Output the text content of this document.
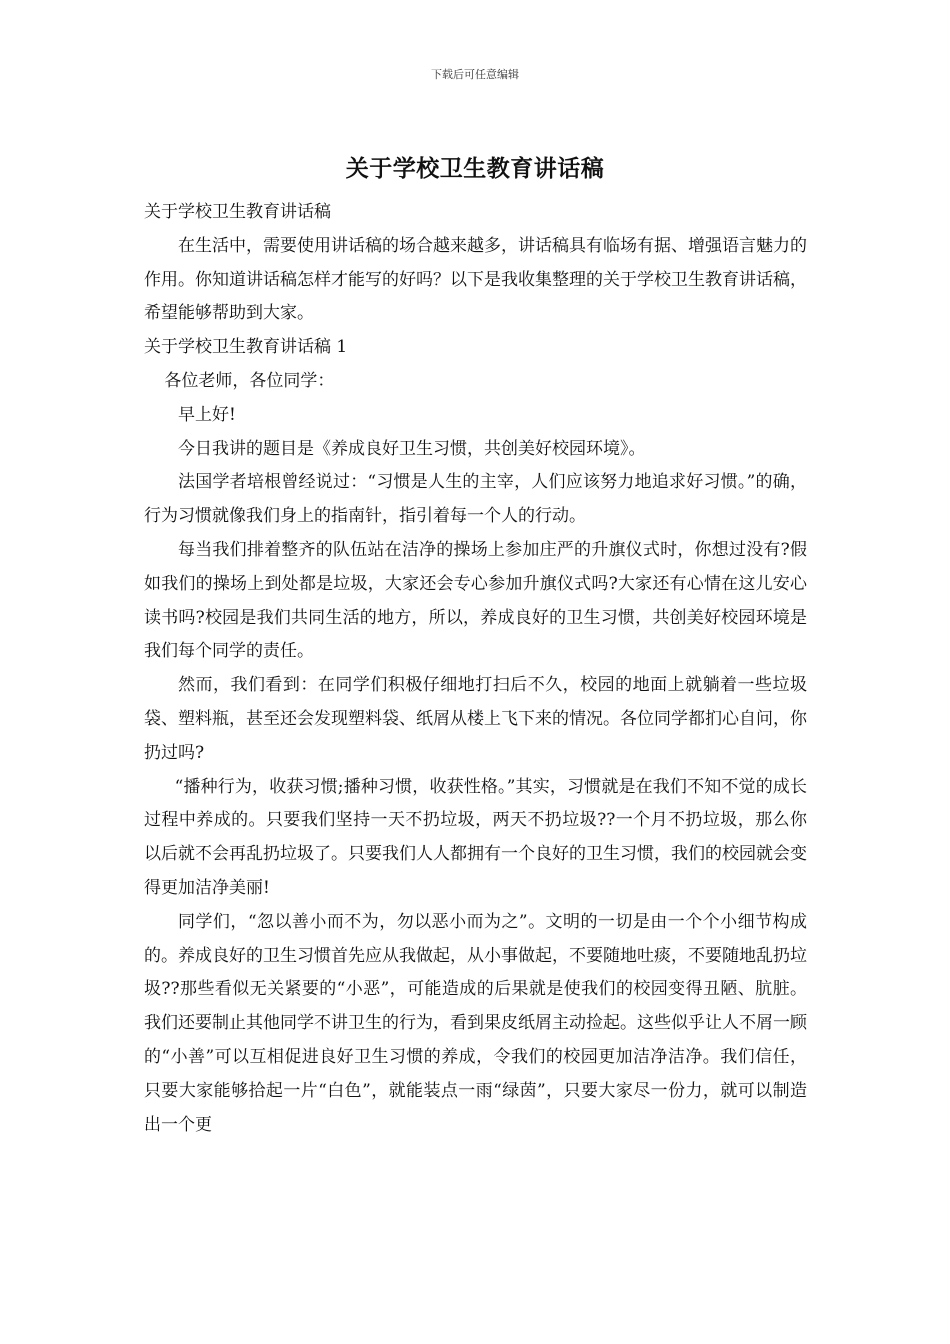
下载后可任意编辑
关于学校卫生教育讲话稿

关于学校卫生教育讲话稿

在生活中，需要使用讲话稿的场合越来越多，讲话稿具有临场有据、增强语言魅力的作用。你知道讲话稿怎样才能写的好吗？以下是我收集整理的关于学校卫生教育讲话稿，希望能够帮助到大家。

关于学校卫生教育讲话稿 1

各位老师，各位同学：

早上好!

今日我讲的题目是《养成良好卫生习惯，共创美好校园环境》。

法国学者培根曾经说过：“习惯是人生的主宰，人们应该努力地追求好习惯。”的确，行为习惯就像我们身上的指南针，指引着每一个人的行动。

每当我们排着整齐的队伍站在洁净的操场上参加庄严的升旗仪式时，你想过没有?假如我们的操场上到处都是垃圾，大家还会专心参加升旗仪式吗?大家还有心情在这儿安心读书吗?校园是我们共同生活的地方，所以，养成良好的卫生习惯，共创美好校园环境是我们每个同学的责任。

然而，我们看到：在同学们积极仔细地打扫后不久，校园的地面上就躺着一些垃圾袋、塑料瓶，甚至还会发现塑料袋、纸屑从楼上飞下来的情况。各位同学都扪心自问，你扔过吗?

“播种行为，收获习惯;播种习惯，收获性格。”其实，习惯就是在我们不知不觉的成长过程中养成的。只要我们坚持一天不扔垃圾，两天不扔垃圾??一个月不扔垃圾，那么你以后就不会再乱扔垃圾了。只要我们人人都拥有一个良好的卫生习惯，我们的校园就会变得更加洁净美丽!

同学们，“忽以善小而不为，勿以恶小而为之”。文明的一切是由一个个小细节构成的。养成良好的卫生习惯首先应从我做起，从小事做起，不要随地吐痰，不要随地乱扔垃圾??那些看似无关紧要的“小恶”，可能造成的后果就是使我们的校园变得丑陋、肮脏。我们还要制止其他同学不讲卫生的行为，看到果皮纸屑主动捡起。这些似乎让人不屑一顾的“小善”可以互相促进良好卫生习惯的养成，令我们的校园更加洁净洁净。我们信任，只要大家能够拾起一片“白色”，就能装点一雨“绿茵”，只要大家尽一份力，就可以制造出一个更
